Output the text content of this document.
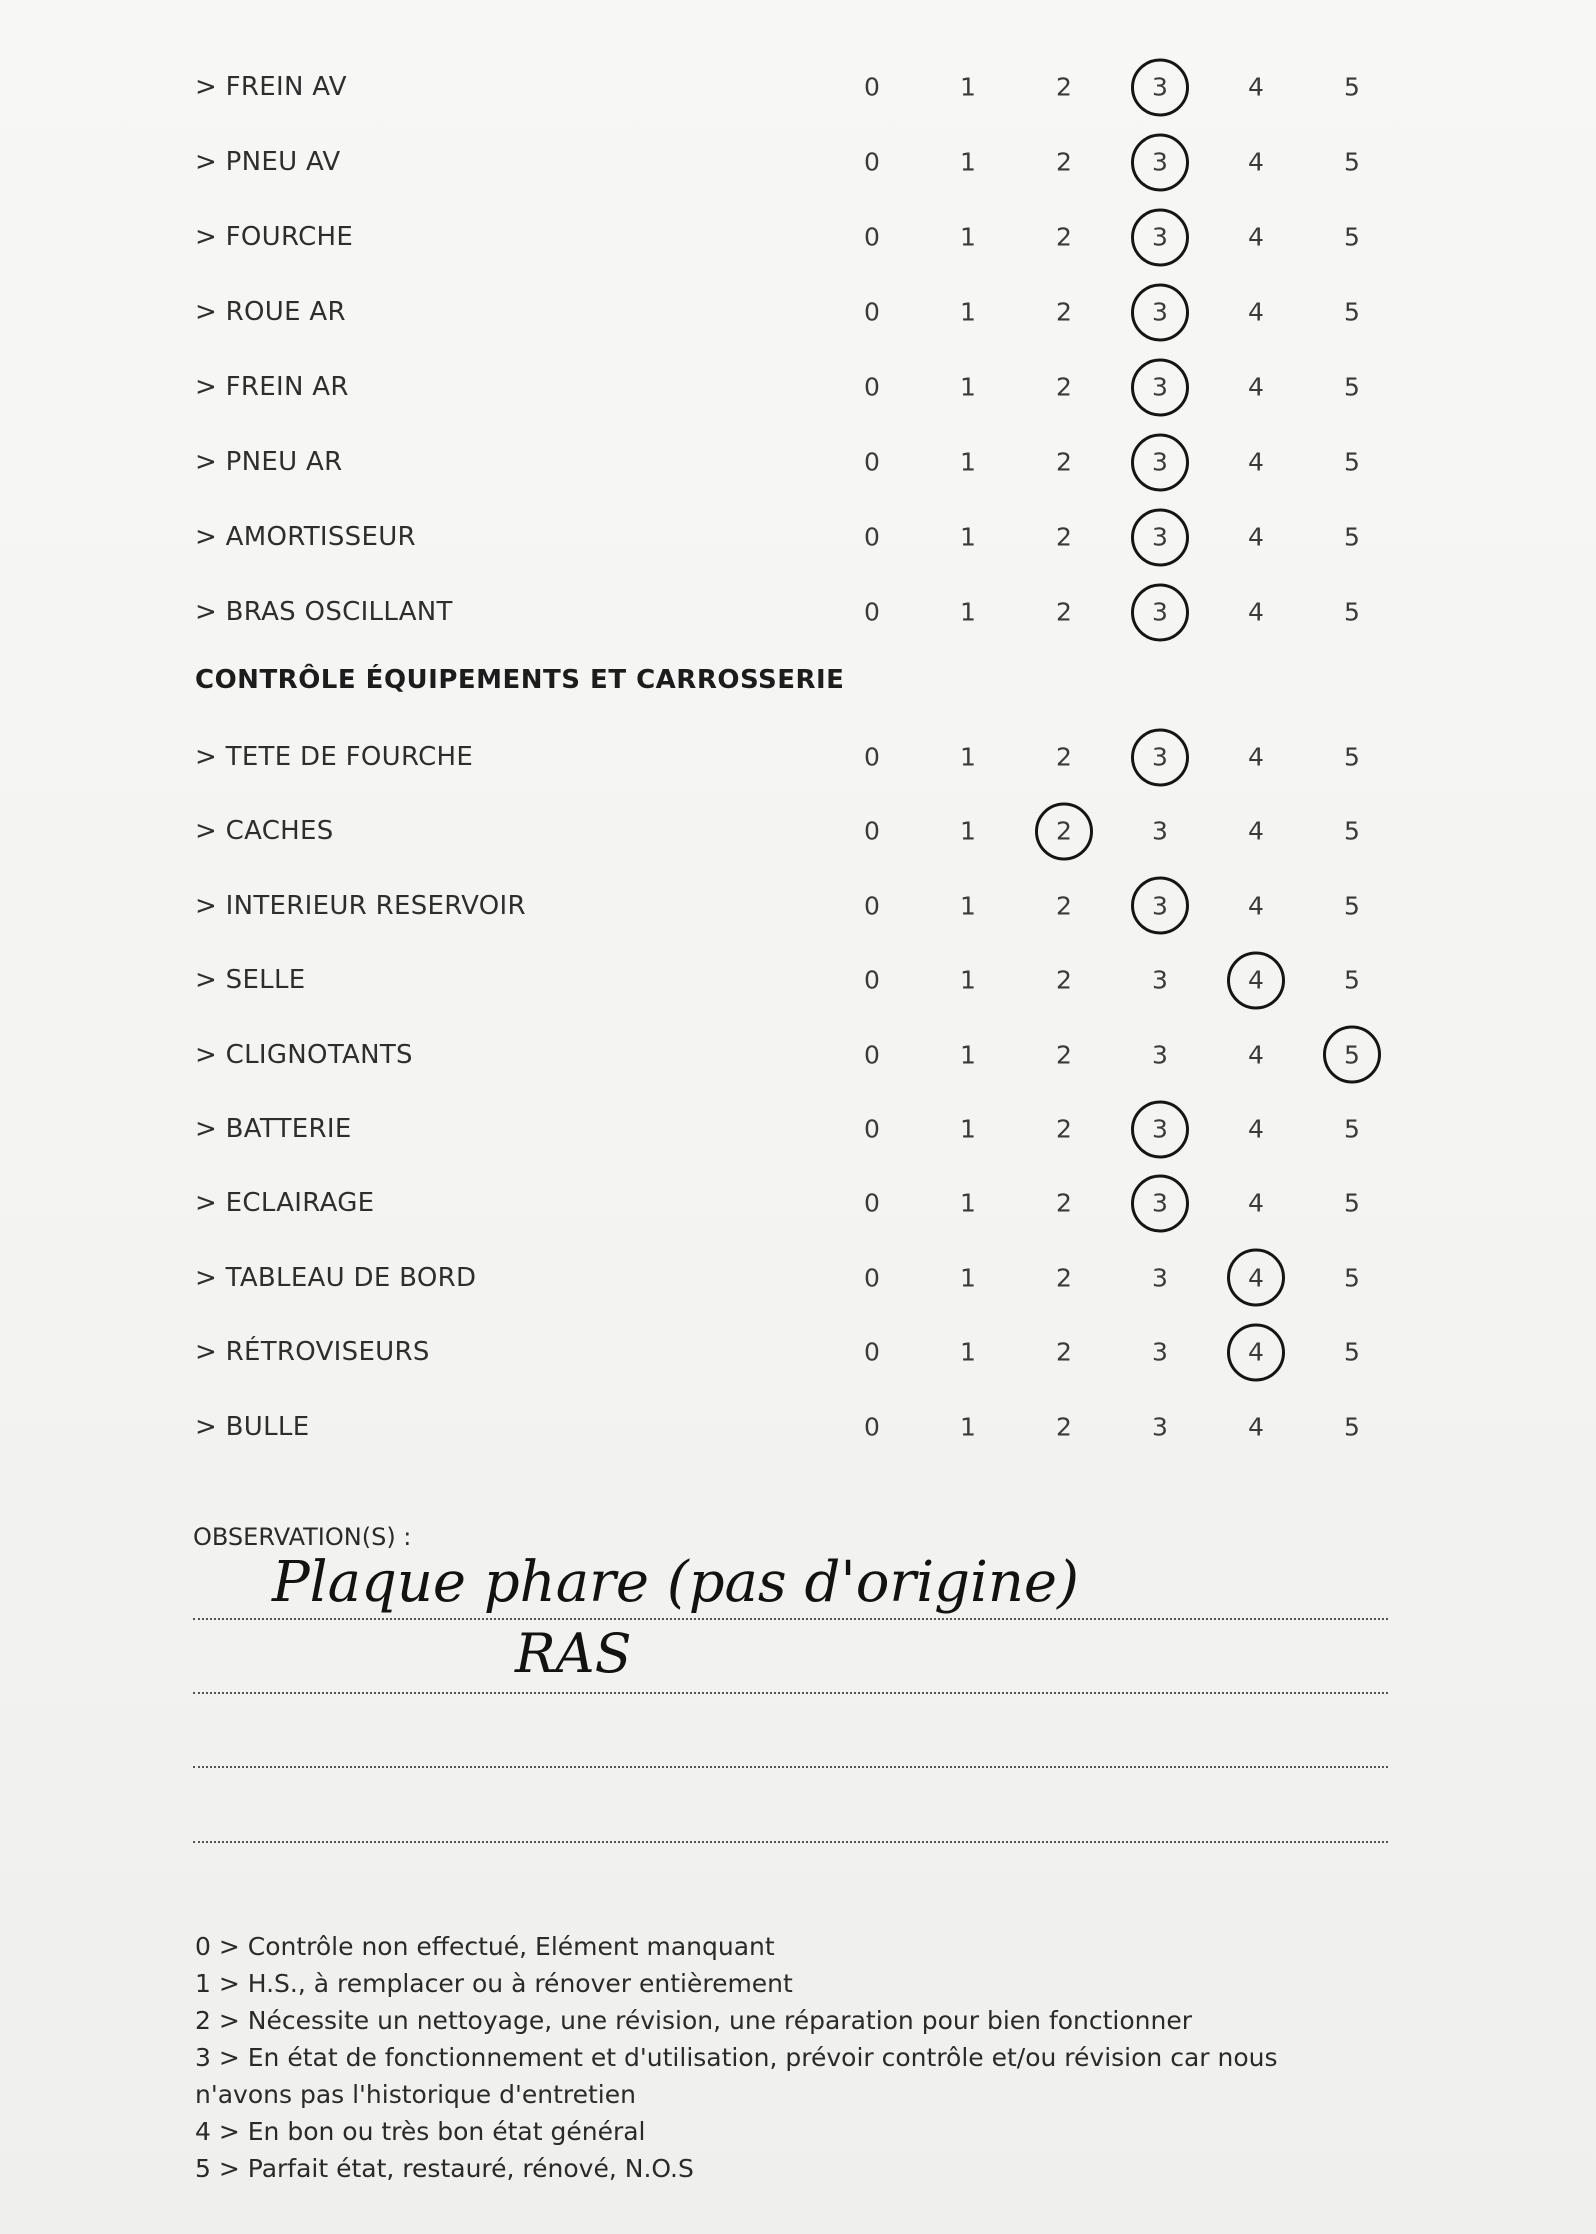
> FREIN AV	0	1	2	3	4	5
> PNEU AV	0	1	2	3	4	5
> FOURCHE	0	1	2	3	4	5
> ROUE AR	0	1	2	3	4	5
> FREIN AR	0	1	2	3	4	5
> PNEU AR	0	1	2	3	4	5
> AMORTISSEUR	0	1	2	3	4	5
> BRAS OSCILLANT	0	1	2	3	4	5
CONTRÔLE ÉQUIPEMENTS ET CARROSSERIE
> TETE DE FOURCHE	0	1	2	3	4	5
> CACHES	0	1	2	3	4	5
> INTERIEUR RESERVOIR	0	1	2	3	4	5
> SELLE	0	1	2	3	4	5
> CLIGNOTANTS	0	1	2	3	4	5
> BATTERIE	0	1	2	3	4	5
> ECLAIRAGE	0	1	2	3	4	5
> TABLEAU DE BORD	0	1	2	3	4	5
> RÉTROVISEURS	0	1	2	3	4	5
> BULLE	0	1	2	3	4	5
OBSERVATION(S) :
Plaque phare (pas d'origine)
RAS
0 > Contrôle non effectué, Elément manquant
1 > H.S., à remplacer ou à rénover entièrement
2 > Nécessite un nettoyage, une révision, une réparation pour bien fonctionner
3 > En état de fonctionnement et d'utilisation, prévoir contrôle et/ou révision car nous
n'avons pas l'historique d'entretien
4 > En bon ou très bon état général
5 > Parfait état, restauré, rénové, N.O.S
